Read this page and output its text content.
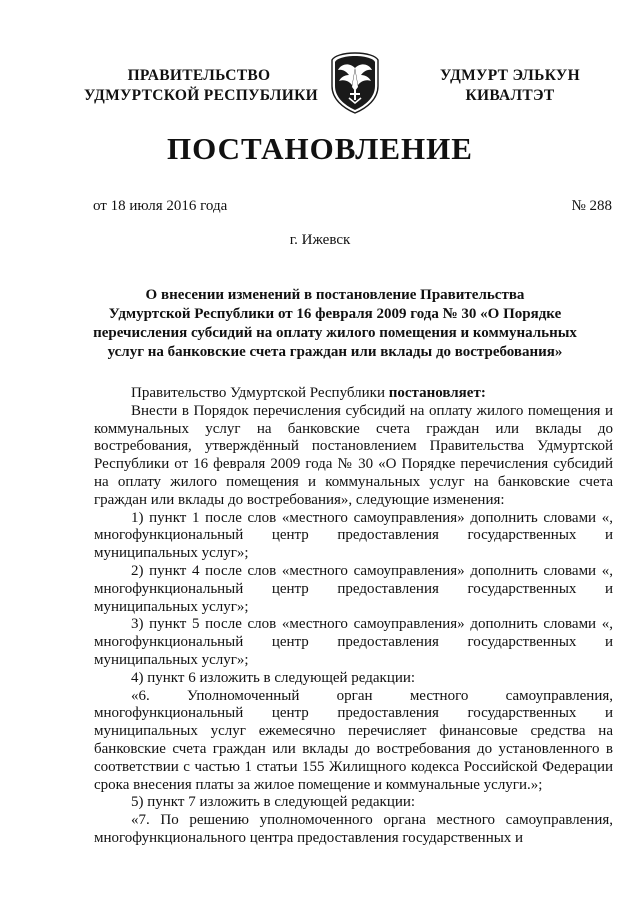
ПРАВИТЕЛЬСТВО
УДМУРТСКОЙ РЕСПУБЛИКИ
УДМУРТ ЭЛЬКУН
КИВАЛТЭТ
ПОСТАНОВЛЕНИЕ
от 18 июля 2016 года	№ 288
г. Ижевск
О внесении изменений в постановление Правительства
Удмуртской Республики от 16 февраля 2009 года № 30 «О Порядке
перечисления субсидий на оплату жилого помещения и коммунальных
услуг на банковские счета граждан или вклады до востребования»

Правительство Удмуртской Республики постановляет:

Внести в Порядок перечисления субсидий на оплату жилого помещения и коммунальных услуг на банковские счета граждан или вклады до востребования, утверждённый постановлением Правительства Удмуртской Республики от 16 февраля 2009 года № 30 «О Порядке перечисления субсидий на оплату жилого помещения и коммунальных услуг на банковские счета граждан или вклады до востребования», следующие изменения:

1) пункт 1 после слов «местного самоуправления» дополнить словами «, многофункциональный центр предоставления государственных и муниципальных услуг»;

2) пункт 4 после слов «местного самоуправления» дополнить словами «, многофункциональный центр предоставления государственных и муниципальных услуг»;

3) пункт 5 после слов «местного самоуправления» дополнить словами «, многофункциональный центр предоставления государственных и муниципальных услуг»;

4) пункт 6 изложить в следующей редакции:

«6. Уполномоченный орган местного самоуправления, многофункциональный центр предоставления государственных и муниципальных услуг ежемесячно перечисляет финансовые средства на банковские счета граждан или вклады до востребования до установленного в соответствии с частью 1 статьи 155 Жилищного кодекса Российской Федерации срока внесения платы за жилое помещение и коммунальные услуги.»;

5) пункт 7 изложить в следующей редакции:

«7. По решению уполномоченного органа местного самоуправления, многофункционального центра предоставления государственных и
